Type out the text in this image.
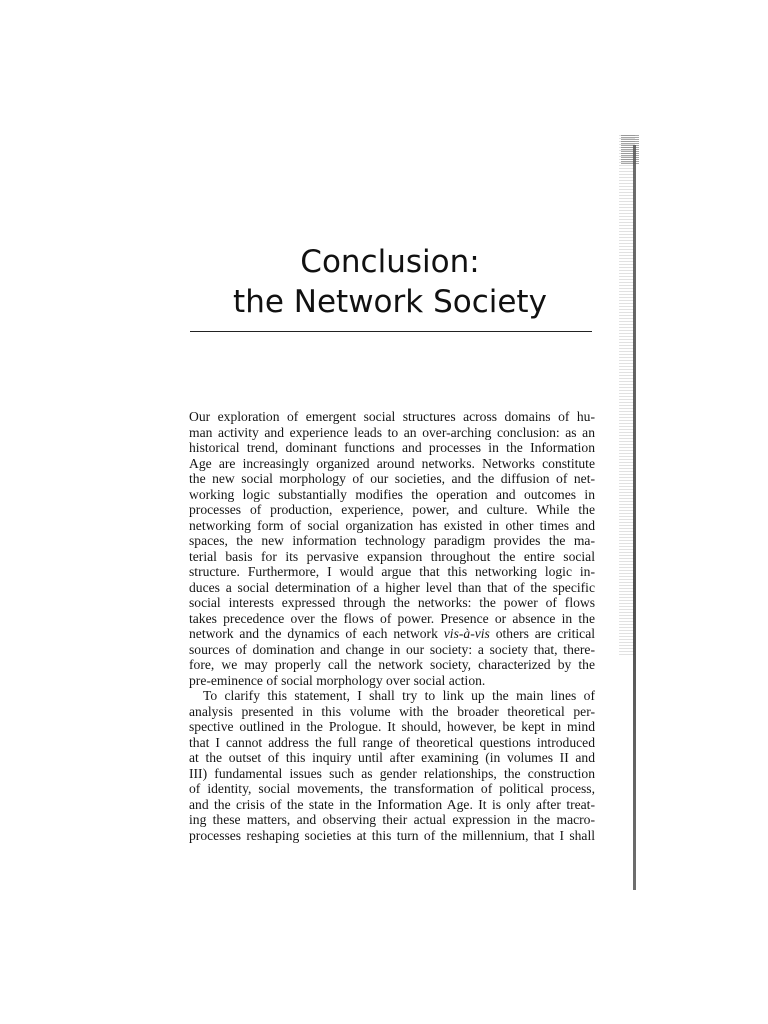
Conclusion:
the Network Society
Our exploration of emergent social structures across domains of hu-
man activity and experience leads to an over-arching conclusion: as an
historical trend, dominant functions and processes in the Information
Age are increasingly organized around networks. Networks constitute
the new social morphology of our societies, and the diffusion of net-
working logic substantially modifies the operation and outcomes in
processes of production, experience, power, and culture. While the
networking form of social organization has existed in other times and
spaces, the new information technology paradigm provides the ma-
terial basis for its pervasive expansion throughout the entire social
structure. Furthermore, I would argue that this networking logic in-
duces a social determination of a higher level than that of the specific
social interests expressed through the networks: the power of flows
takes precedence over the flows of power. Presence or absence in the
network and the dynamics of each network vis-à-vis others are critical
sources of domination and change in our society: a society that, there-
fore, we may properly call the network society, characterized by the
pre-eminence of social morphology over social action.
To clarify this statement, I shall try to link up the main lines of
analysis presented in this volume with the broader theoretical per-
spective outlined in the Prologue. It should, however, be kept in mind
that I cannot address the full range of theoretical questions introduced
at the outset of this inquiry until after examining (in volumes II and
III) fundamental issues such as gender relationships, the construction
of identity, social movements, the transformation of political process,
and the crisis of the state in the Information Age. It is only after treat-
ing these matters, and observing their actual expression in the macro-
processes reshaping societies at this turn of the millennium, that I shall
